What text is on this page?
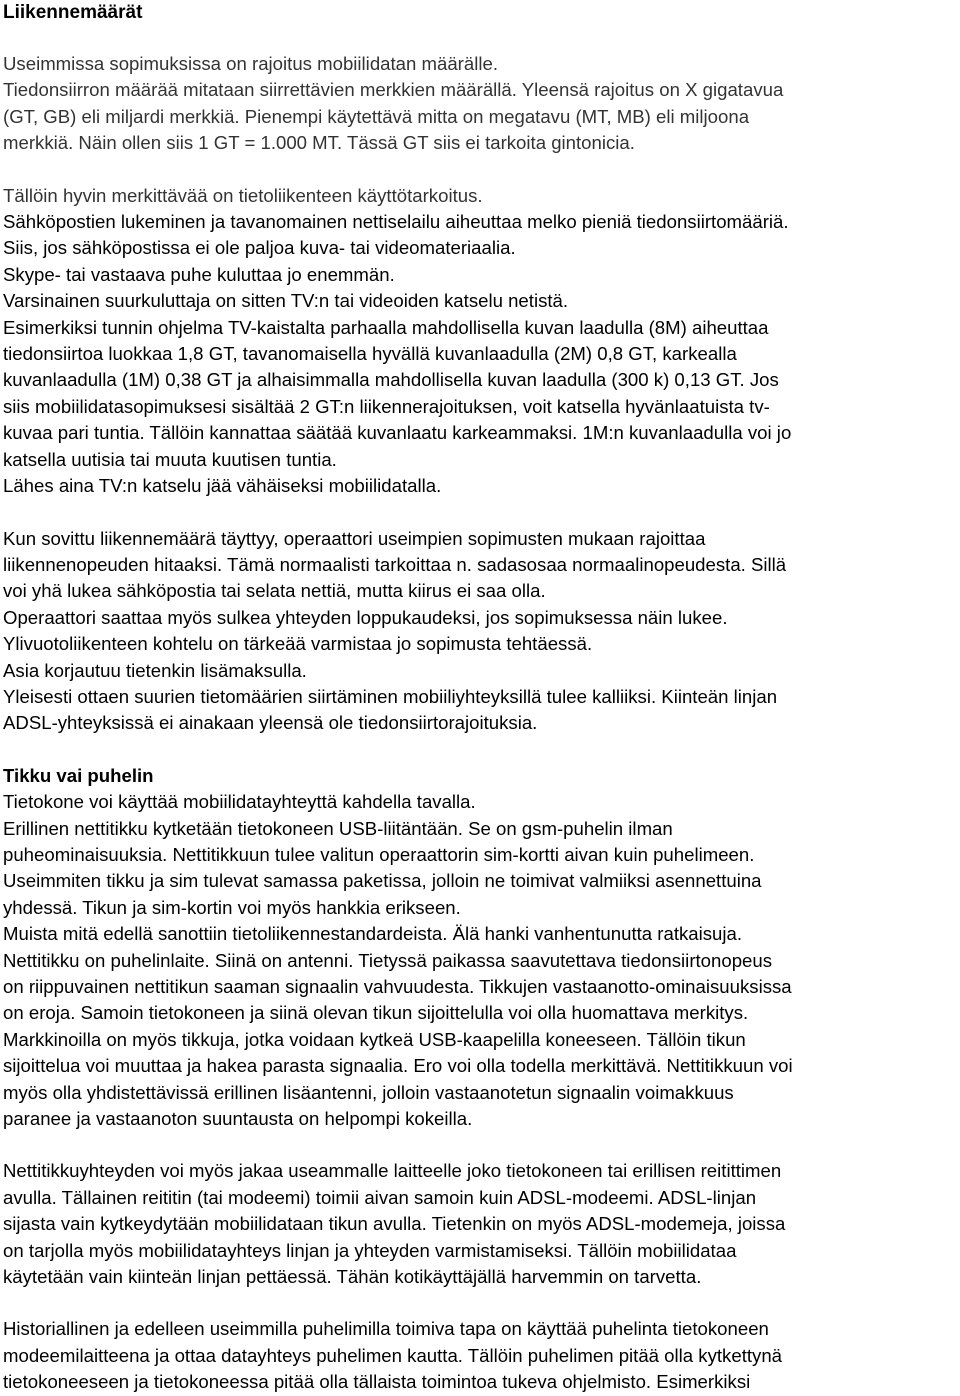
Liikennemäärät
Useimmissa sopimuksissa on rajoitus mobiilidatan määrälle.
Tiedonsiirron määrää mitataan siirrettävien merkkien määrällä. Yleensä rajoitus on X gigatavua
(GT, GB) eli miljardi merkkiä. Pienempi käytettävä mitta on megatavu (MT, MB) eli miljoona
merkkiä. Näin ollen siis 1 GT = 1.000 MT. Tässä GT siis ei tarkoita gintonicia.
Tällöin hyvin merkittävää on tietoliikenteen käyttötarkoitus.
Sähköpostien lukeminen ja tavanomainen nettiselailu aiheuttaa melko pieniä tiedonsiirtomääriä.
Siis, jos sähköpostissa ei ole paljoa kuva- tai videomateriaalia.
Skype- tai vastaava puhe kuluttaa jo enemmän.
Varsinainen suurkuluttaja on sitten TV:n tai videoiden katselu netistä.
Esimerkiksi tunnin ohjelma TV-kaistalta parhaalla mahdollisella kuvan laadulla (8M) aiheuttaa
tiedonsiirtoa luokkaa 1,8 GT, tavanomaisella hyvällä kuvanlaadulla (2M) 0,8 GT, karkealla
kuvanlaadulla (1M) 0,38 GT ja alhaisimmalla mahdollisella kuvan laadulla (300 k) 0,13 GT. Jos
siis mobiilidatasopimuksesi sisältää 2 GT:n liikennerajoituksen, voit katsella hyvänlaatuista tv-
kuvaa pari tuntia. Tällöin kannattaa säätää kuvanlaatu karkeammaksi. 1M:n kuvanlaadulla voi jo
katsella uutisia tai muuta kuutisen tuntia.
Lähes aina TV:n katselu jää vähäiseksi mobiilidatalla.
Kun sovittu liikennemäärä täyttyy, operaattori useimpien sopimusten mukaan rajoittaa
liikennenopeuden hitaaksi. Tämä normaalisti tarkoittaa n. sadasosaa normaalinopeudesta. Sillä
voi yhä lukea sähköpostia tai selata nettiä, mutta kiirus ei saa olla.
Operaattori saattaa myös sulkea yhteyden loppukaudeksi, jos sopimuksessa näin lukee.
Ylivuotoliikenteen kohtelu on tärkeää varmistaa jo sopimusta tehtäessä.
Asia korjautuu tietenkin lisämaksulla.
Yleisesti ottaen suurien tietomäärien siirtäminen mobiiliyhteyksillä tulee kalliiksi. Kiinteän linjan
ADSL-yhteyksissä ei ainakaan yleensä ole tiedonsiirtorajoituksia.
Tikku vai puhelin
Tietokone voi käyttää mobiilidatayhteyttä kahdella tavalla.
Erillinen nettitikku kytketään tietokoneen USB-liitäntään. Se on gsm-puhelin ilman
puheominaisuuksia. Nettitikkuun tulee valitun operaattorin sim-kortti aivan kuin puhelimeen.
Useimmiten tikku ja sim tulevat samassa paketissa, jolloin ne toimivat valmiiksi asennettuina
yhdessä. Tikun ja sim-kortin voi myös hankkia erikseen.
Muista mitä edellä sanottiin tietoliikennestandardeista. Älä hanki vanhentunutta ratkaisuja.
Nettitikku on puhelinlaite. Siinä on antenni. Tietyssä paikassa saavutettava tiedonsiirtonopeus
on riippuvainen nettitikun saaman signaalin vahvuudesta. Tikkujen vastaanotto-ominaisuuksissa
on eroja. Samoin tietokoneen ja siinä olevan tikun sijoittelulla voi olla huomattava merkitys.
Markkinoilla on myös tikkuja, jotka voidaan kytkeä USB-kaapelilla koneeseen. Tällöin tikun
sijoittelua voi muuttaa ja hakea parasta signaalia. Ero voi olla todella merkittävä. Nettitikkuun voi
myös olla yhdistettävissä erillinen lisäantenni, jolloin vastaanotetun signaalin voimakkuus
paranee ja vastaanoton suuntausta on helpompi kokeilla.
Nettitikkuyhteyden voi myös jakaa useammalle laitteelle joko tietokoneen tai erillisen reitittimen
avulla. Tällainen reititin (tai modeemi) toimii aivan samoin kuin ADSL-modeemi. ADSL-linjan
sijasta vain kytkeydytään mobiilidataan tikun avulla. Tietenkin on myös ADSL-modemeja, joissa
on tarjolla myös mobiilidatayhteys linjan ja yhteyden varmistamiseksi. Tällöin mobiilidataa
käytetään vain kiinteän linjan pettäessä. Tähän kotikäyttäjällä harvemmin on tarvetta.
Historiallinen ja edelleen useimmilla puhelimilla toimiva tapa on käyttää puhelinta tietokoneen
modeemilaitteena ja ottaa datayhteys puhelimen kautta. Tällöin puhelimen pitää olla kytkettynä
tietokoneeseen ja tietokoneessa pitää olla tällaista toimintoa tukeva ohjelmisto. Esimerkiksi
